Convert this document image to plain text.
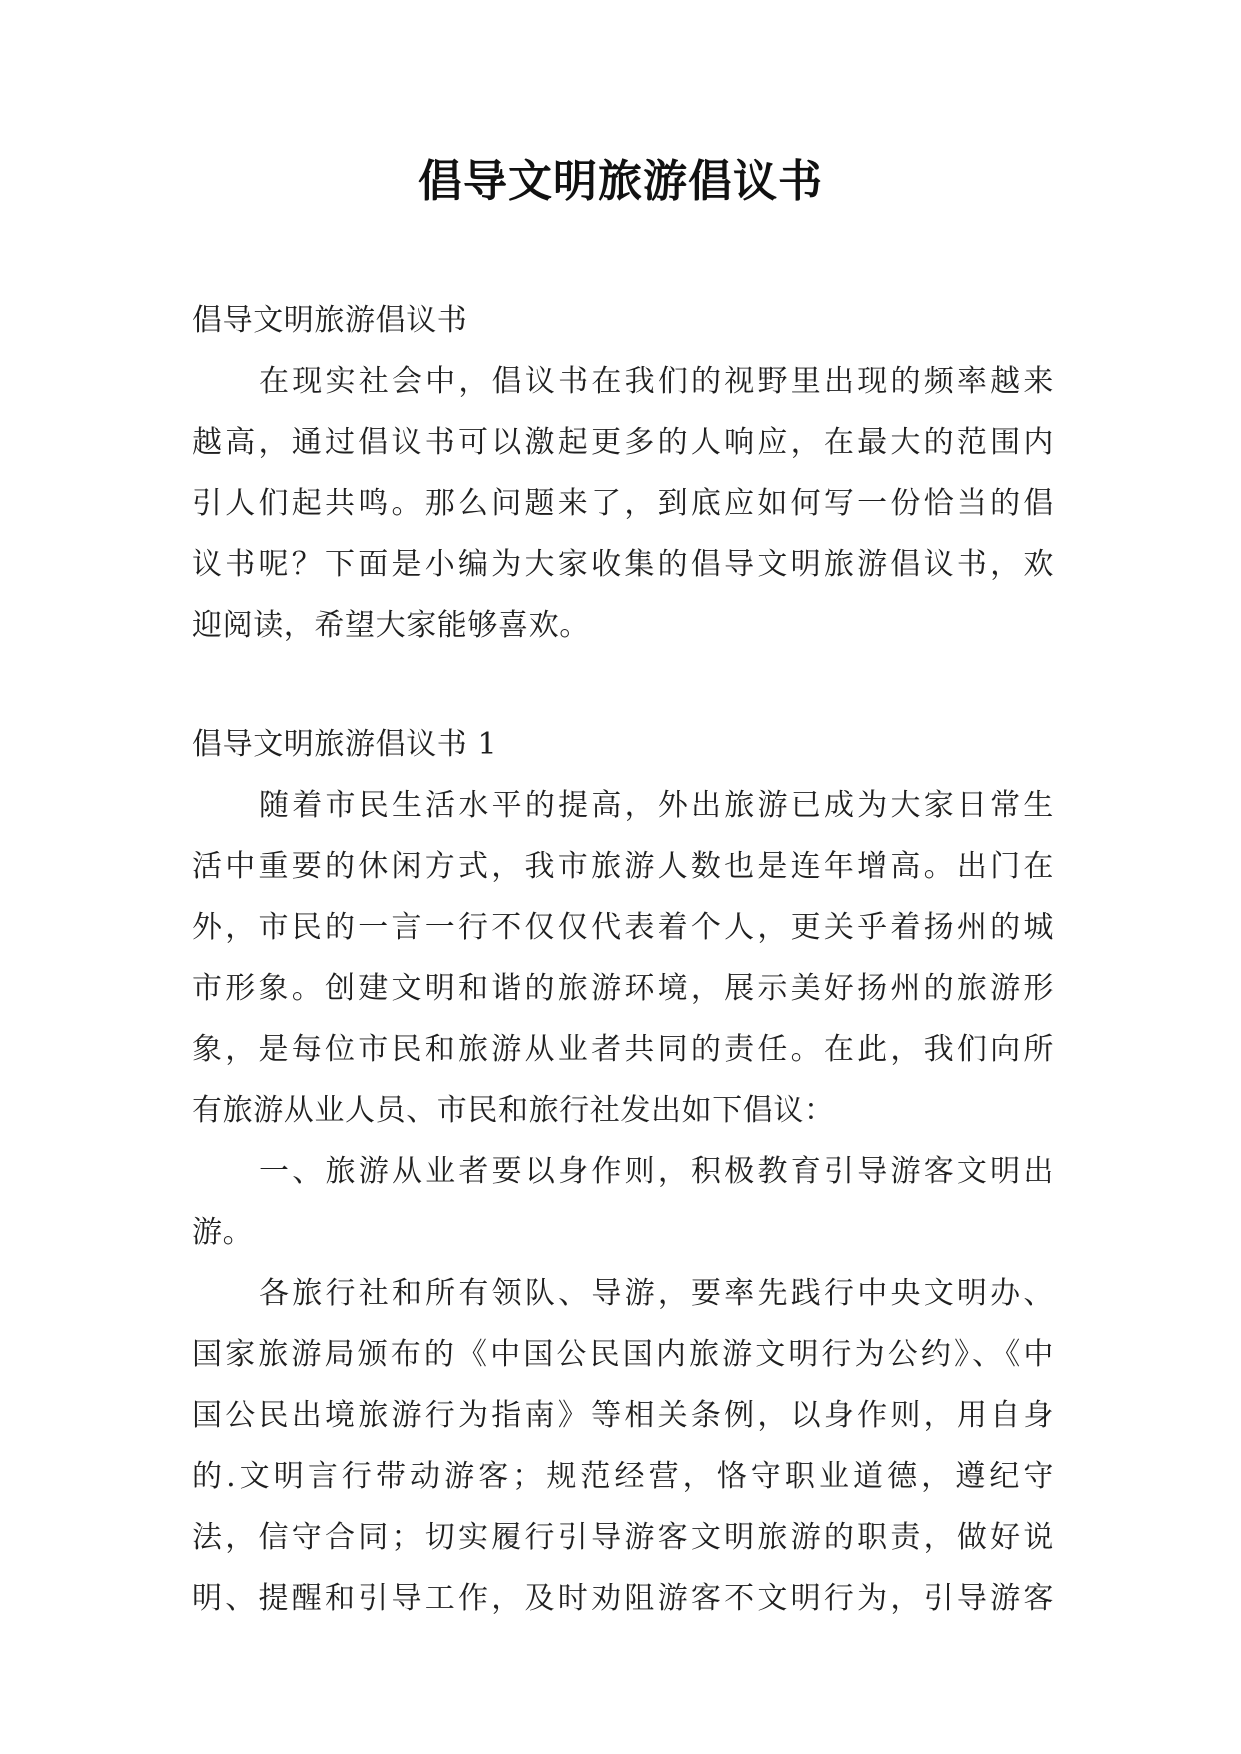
倡导文明旅游倡议书

倡导文明旅游倡议书

在现实社会中，倡议书在我们的视野里出现的频率越来

越高，通过倡议书可以激起更多的人响应，在最大的范围内

引人们起共鸣。那么问题来了，到底应如何写一份恰当的倡

议书呢？下面是小编为大家收集的倡导文明旅游倡议书，欢

迎阅读，希望大家能够喜欢。

倡导文明旅游倡议书 1

随着市民生活水平的提高，外出旅游已成为大家日常生

活中重要的休闲方式，我市旅游人数也是连年增高。出门在

外，市民的一言一行不仅仅代表着个人，更关乎着扬州的城

市形象。创建文明和谐的旅游环境，展示美好扬州的旅游形

象，是每位市民和旅游从业者共同的责任。在此，我们向所

有旅游从业人员、市民和旅行社发出如下倡议：

一、旅游从业者要以身作则，积极教育引导游客文明出

游。

各旅行社和所有领队、导游，要率先践行中央文明办、

国家旅游局颁布的《中国公民国内旅游文明行为公约》、《中

国公民出境旅游行为指南》等相关条例，以身作则，用自身

的.文明言行带动游客；规范经营，恪守职业道德，遵纪守

法，信守合同；切实履行引导游客文明旅游的职责，做好说

明、提醒和引导工作，及时劝阻游客不文明行为，引导游客
